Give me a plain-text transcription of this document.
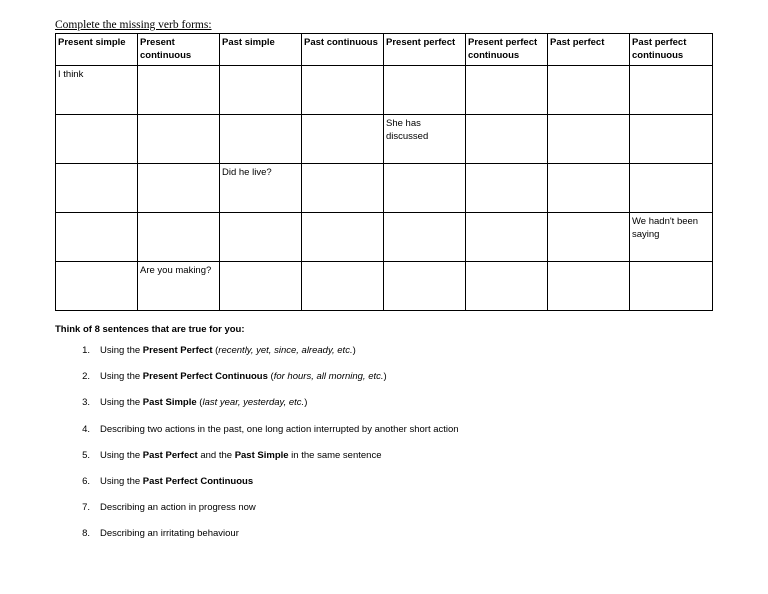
Complete the missing verb forms:
Present simple	Present continuous	Past simple	Past continuous	Present perfect	Present perfect continuous	Past perfect	Past perfect continuous
I think							
				She has discussed			
		Did he live?					
							We hadn't been saying
	Are you making?						
Think of 8 sentences that are true for you:
1.	Using the Present Perfect (recently, yet, since, already, etc.)
2.	Using the Present Perfect Continuous (for hours, all morning, etc.)
3.	Using the Past Simple (last year, yesterday, etc.)
4.	Describing two actions in the past, one long action interrupted by another short action
5.	Using the Past Perfect and the Past Simple in the same sentence
6.	Using the Past Perfect Continuous
7.	Describing an action in progress now
8.	Describing an irritating behaviour
